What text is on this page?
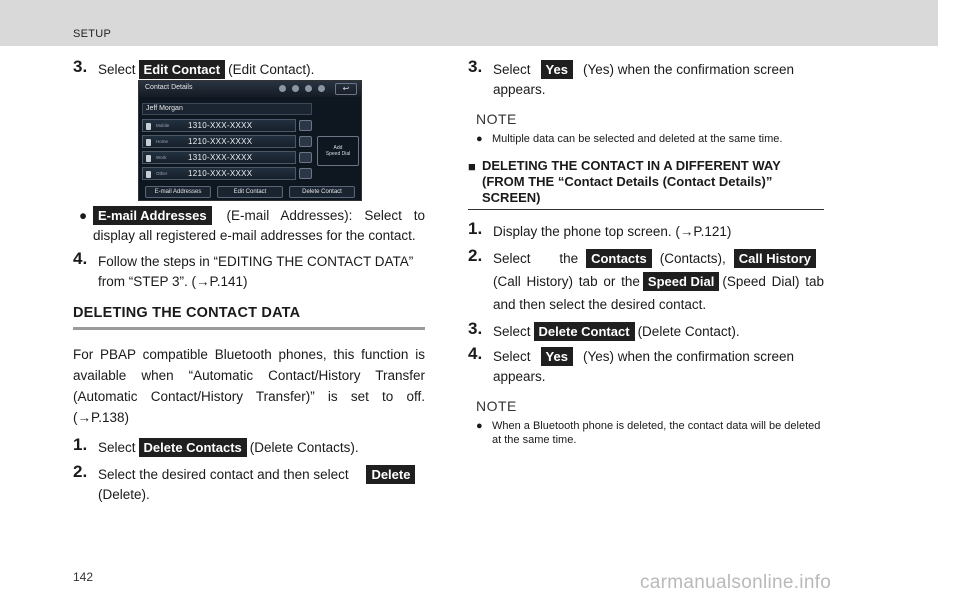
SETUP
3. Select Edit Contact (Edit Contact).
Contact Details	↩
Jeff Morgan
Mobile 1310-XXX-XXXX
Home 1210-XXX-XXXX
Work	1310-XXX-XXXX
Other	1210-XXX-XXXX
Add
Speed Dial
E-mail Addresses	Edit Contact	Delete Contact
● E-mail Addresses (E-mail Addresses): Select to display all registered e-mail addresses for the contact.
4. Follow the steps in “EDITING THE CONTACT DATA” from “STEP 3”. (→P.141)
DELETING THE CONTACT DATA
For PBAP compatible Bluetooth phones, this function is available when “Automatic Contact/History Transfer (Automatic Contact/History Transfer)” is set to off. (→P.138)
1. Select Delete Contacts (Delete Contacts).
2. Select the desired contact and then select Delete
(Delete).
3. Select Yes (Yes) when the confirmation screen appears.
NOTE
● Multiple data can be selected and deleted at the same time.
■ DELETING THE CONTACT IN A DIFFERENT WAY (FROM THE “Contact Details (Contact Details)” SCREEN)
1. Display the phone top screen. (→P.121)
2. Select the Contacts (Contacts), Call History(Call History) tab or the Speed Dial (Speed Dial) tab and then select the desired contact.
3. Select Delete Contact (Delete Contact).
4. Select Yes (Yes) when the confirmation screen appears.
NOTE
● When a Bluetooth phone is deleted, the contact data will be deleted at the same time.
142	carmanualsonline.info
